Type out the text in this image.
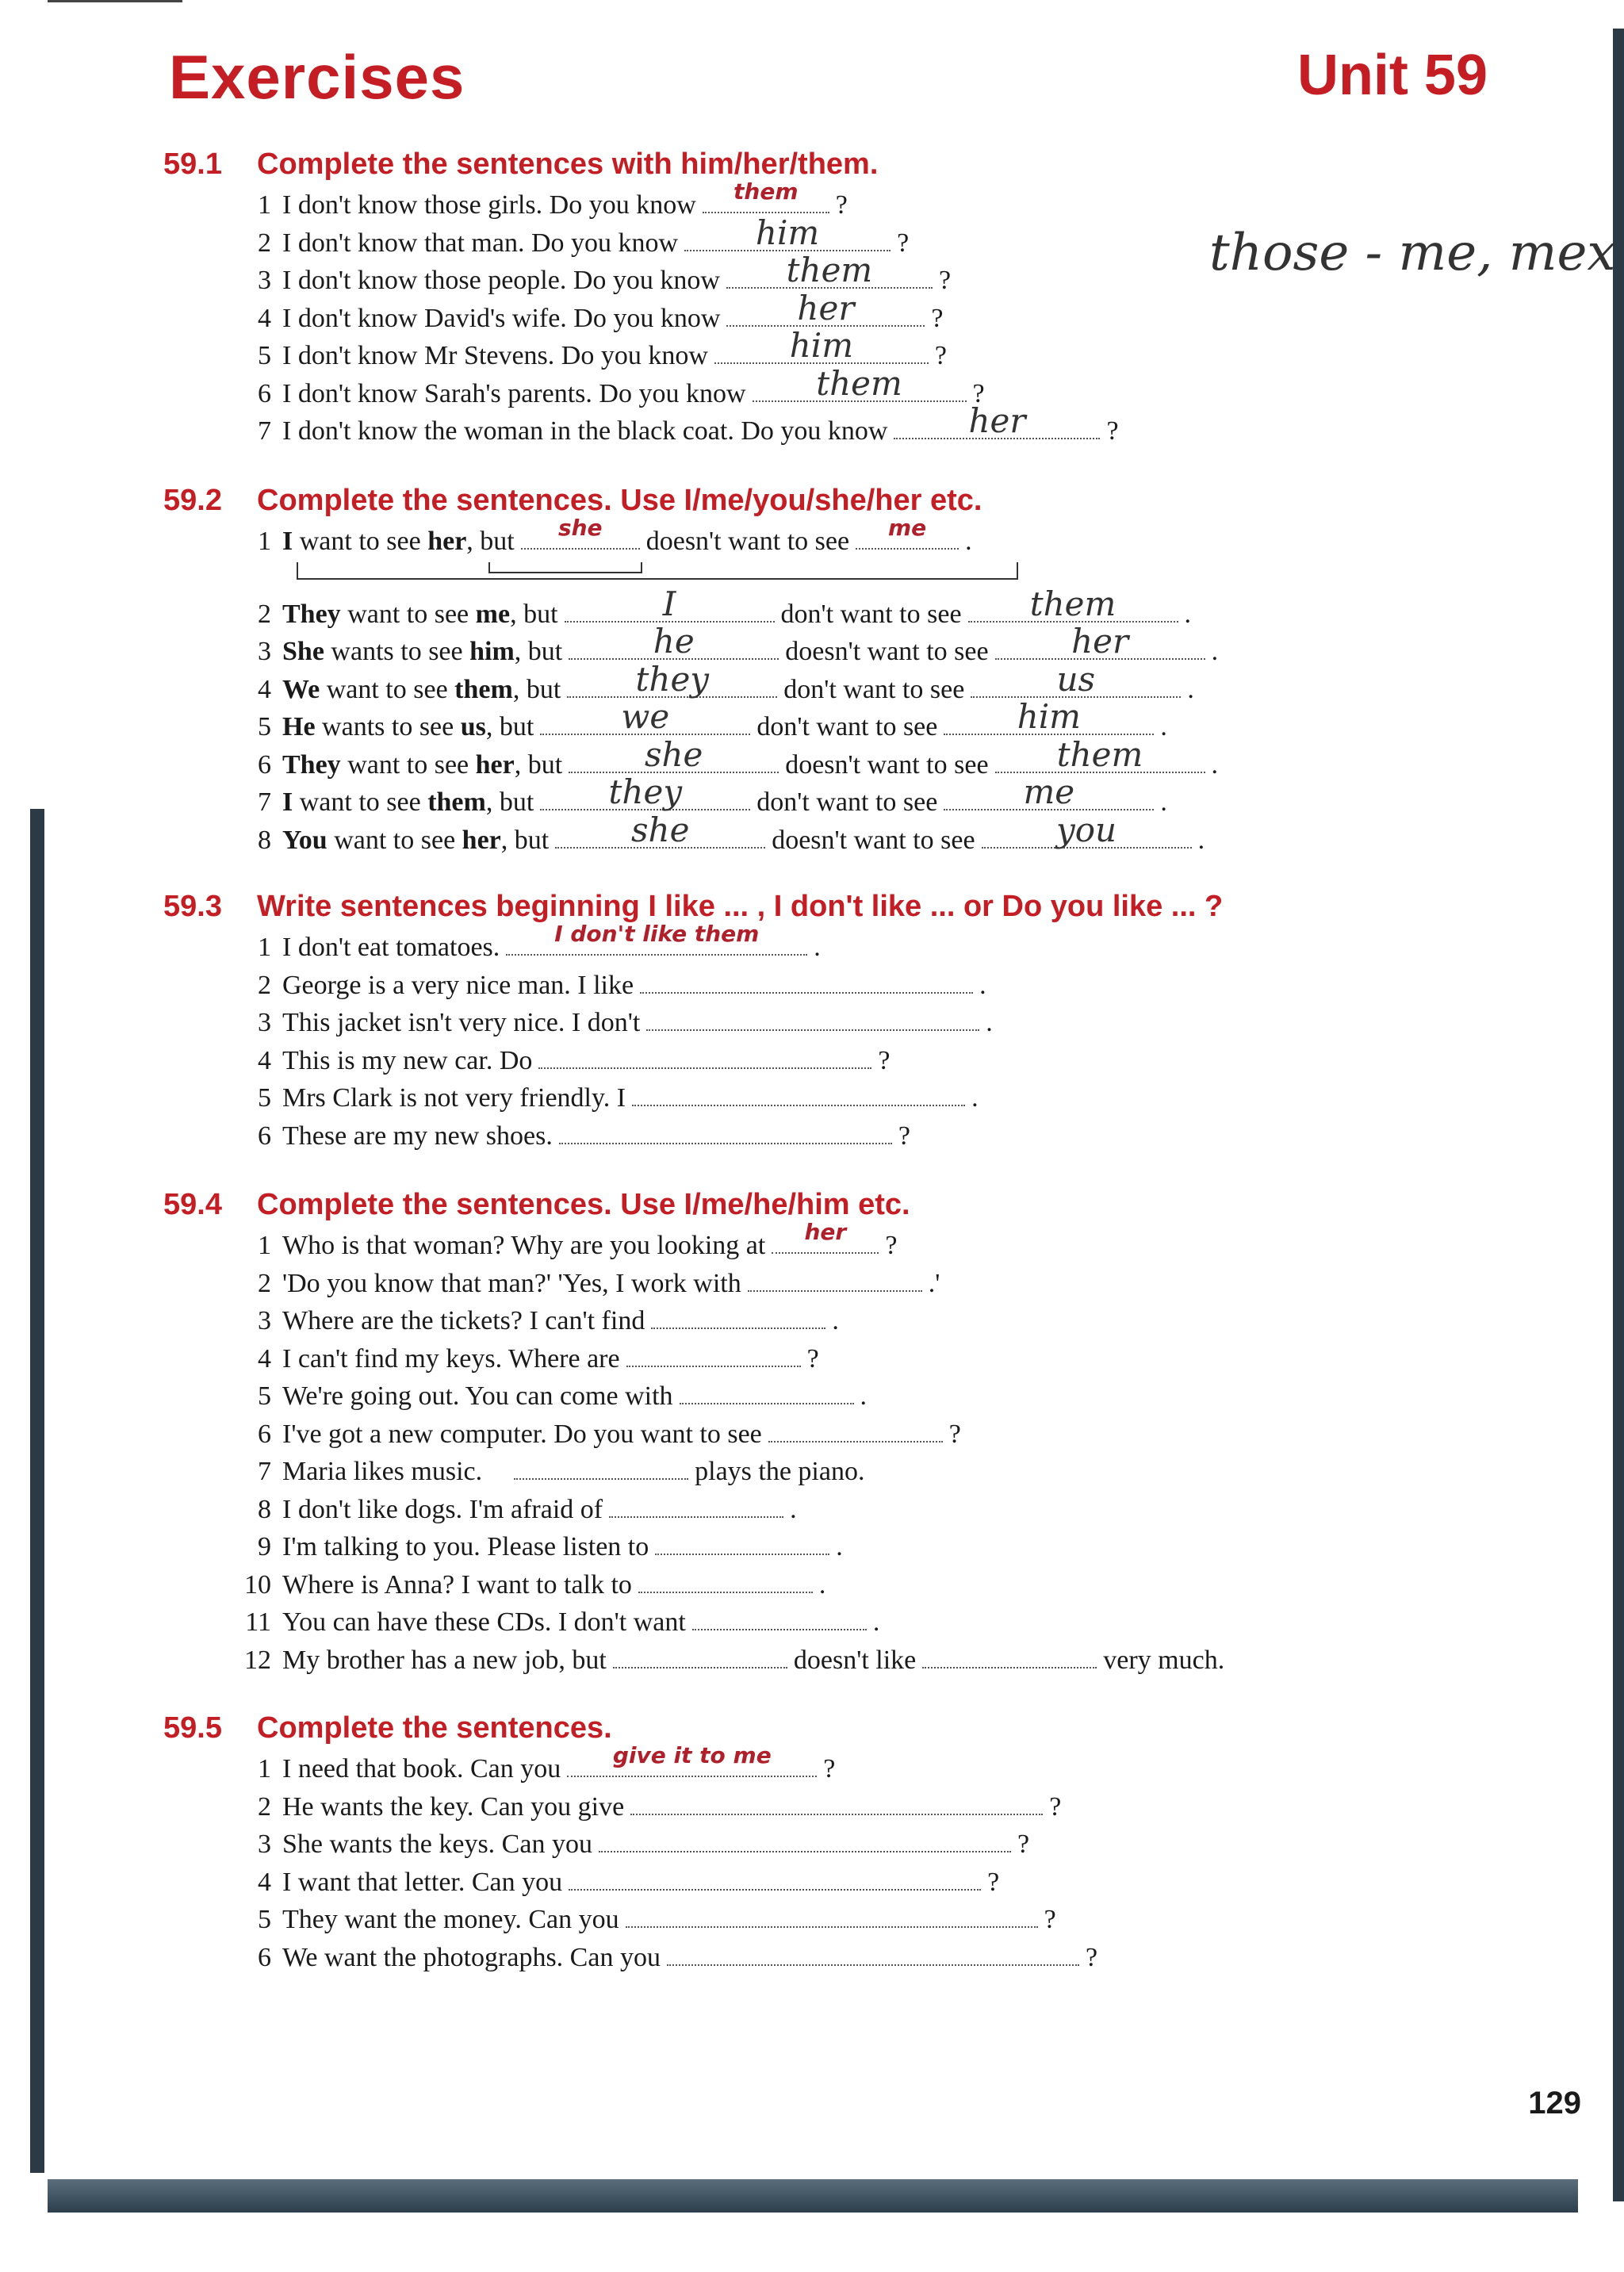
Exercises	Unit 59
those - те, тех
59.1	Complete the sentences with him/her/them.
1 I don't know those girls. Do you know	them	?
2 I don't know that man. Do you know	him	?
3 I don't know those people. Do you know	them	?
4 I don't know David's wife. Do you know	her	?
5 I don't know Mr Stevens. Do you know	him	?
6 I don't know Sarah's parents. Do you know	them	?
7 I don't know the woman in the black coat. Do you know	her	?
59.2	Complete the sentences. Use I/me/you/she/her etc.
1 I
want to see
her , but	she	doesn't want to see	me	.
2 They
want to see
me , but	I	don't want to see	them	.
3 She
wants to see
him , but	he	doesn't want to see	her	.
4 We
want to see
them , but	they	don't want to see	us	.
5 He
wants to see
us , but	we	don't want to see	him	.
6 They
want to see
her , but	she	doesn't want to see	them	.
7 I
want to see
them , but	they	don't want to see	me	.
8 You
want to see
her , but	she	doesn't want to see	you	.
59.3	Write sentences beginning I like ... , I don't like ... or Do you like ... ?
1 I don't eat tomatoes.	I don't like them	.
2 George is a very nice man. I like	.
3 This jacket isn't very nice. I don't	.
4 This is my new car. Do	?
5 Mrs Clark is not very friendly. I	.
6 These are my new shoes.	?
59.4	Complete the sentences. Use I/me/he/him etc.
1 Who is that woman? Why are you looking at	her	?
2 'Do you know that man?' 'Yes, I work with	.'
3 Where are the tickets? I can't find	.
4 I can't find my keys. Where are	?
5 We're going out. You can come with	.
6 I've got a new computer. Do you want to see	?
7 Maria likes music.	plays the piano.
8 I don't like dogs. I'm afraid of	.
9 I'm talking to you. Please listen to	.
10 Where is Anna? I want to talk to	.
11 You can have these CDs. I don't want	.
12 My brother has a new job, but	doesn't like	very much.
59.5	Complete the sentences.
1 I need that book. Can you	give it to me	?
2 He wants the key. Can you give	?
3 She wants the keys. Can you	?
4 I want that letter. Can you	?
5 They want the money. Can you	?
6 We want the photographs. Can you	?
129
